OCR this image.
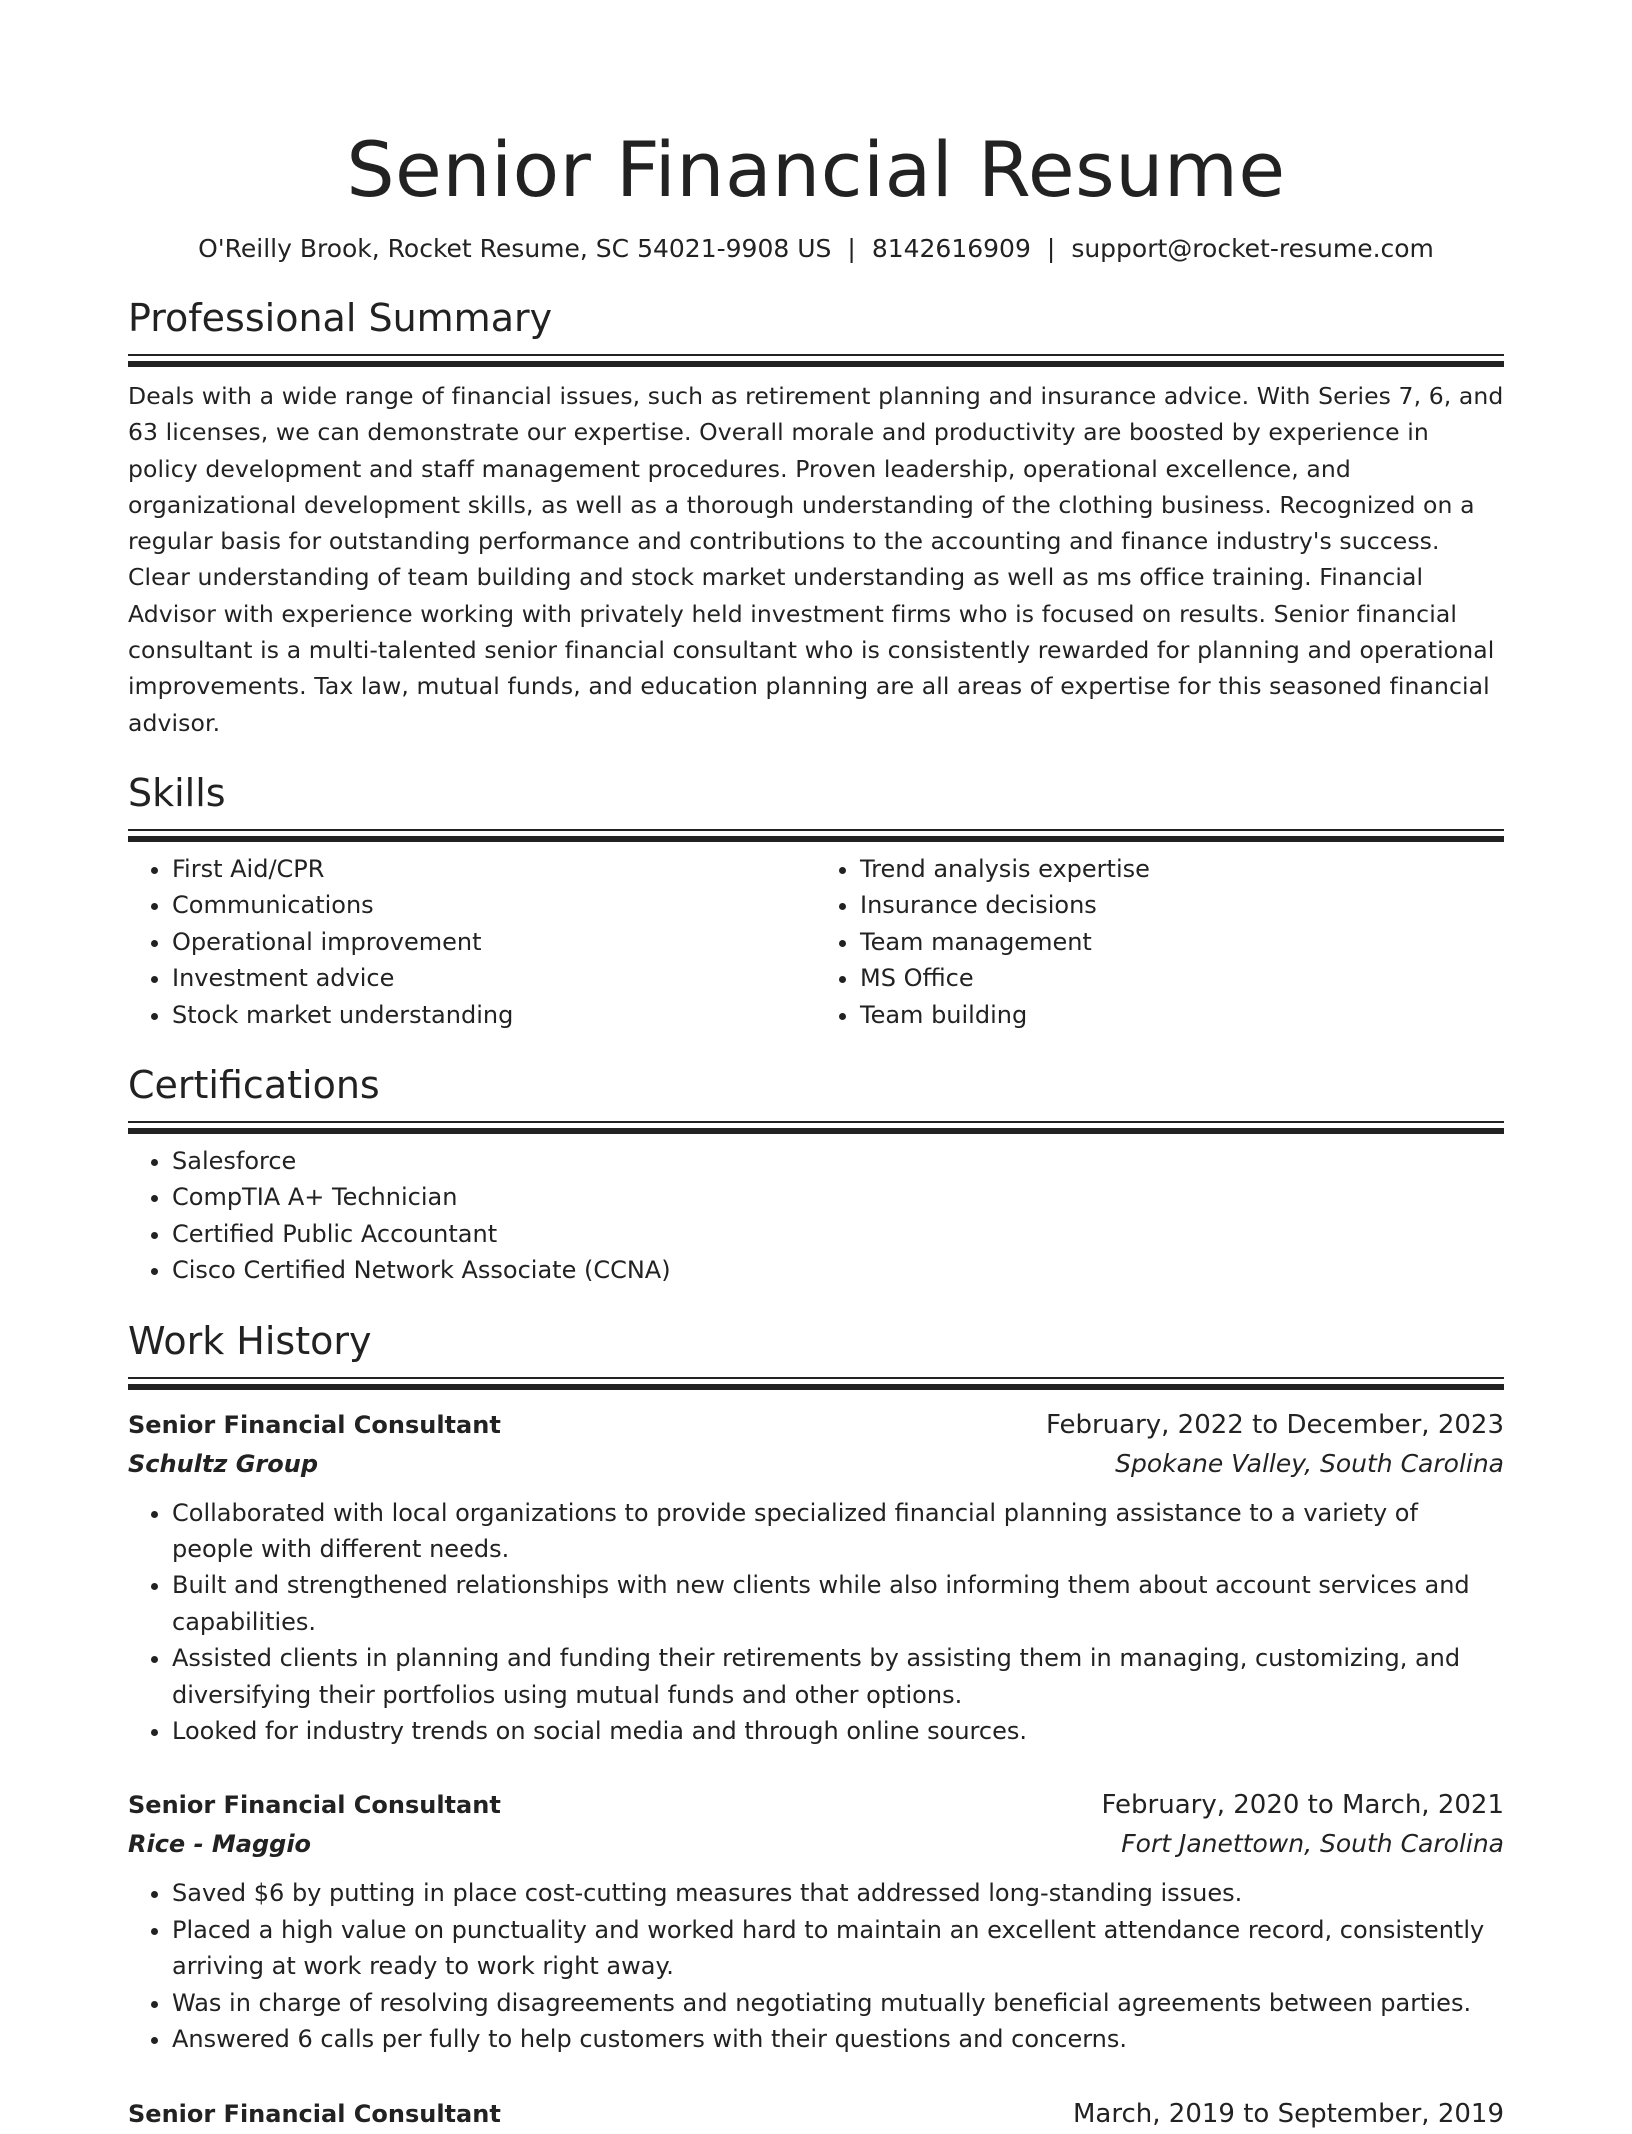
Senior Financial Resume
O'Reilly Brook, Rocket Resume, SC 54021-9908 US | 8142616909 | support@rocket-resume.com
Professional Summary
Deals with a wide range of financial issues, such as retirement planning and insurance advice. With Series 7, 6, and 63 licenses, we can demonstrate our expertise. Overall morale and productivity are boosted by experience in policy development and staff management procedures. Proven leadership, operational excellence, and organizational development skills, as well as a thorough understanding of the clothing business. Recognized on a regular basis for outstanding performance and contributions to the accounting and finance industry's success. Clear understanding of team building and stock market understanding as well as ms office training. Financial Advisor with experience working with privately held investment firms who is focused on results. Senior financial consultant is a multi-talented senior financial consultant who is consistently rewarded for planning and operational improvements. Tax law, mutual funds, and education planning are all areas of expertise for this seasoned financial advisor.
Skills
• First Aid/CPR
• Communications
• Operational improvement
• Investment advice
• Stock market understanding
• Trend analysis expertise
• Insurance decisions
• Team management
• MS Office
• Team building
Certifications
• Salesforce
• CompTIA A+ Technician
• Certified Public Accountant
• Cisco Certified Network Associate (CCNA)
Work History
Senior Financial Consultant	February, 2022 to December, 2023
Schultz Group	Spokane Valley, South Carolina
• Collaborated with local organizations to provide specialized financial planning assistance to a variety of people with different needs.
• Built and strengthened relationships with new clients while also informing them about account services and capabilities.
• Assisted clients in planning and funding their retirements by assisting them in managing, customizing, and diversifying their portfolios using mutual funds and other options.
• Looked for industry trends on social media and through online sources.
Senior Financial Consultant	February, 2020 to March, 2021
Rice - Maggio	Fort Janettown, South Carolina
• Saved $6 by putting in place cost-cutting measures that addressed long-standing issues.
• Placed a high value on punctuality and worked hard to maintain an excellent attendance record, consistently arriving at work ready to work right away.
• Was in charge of resolving disagreements and negotiating mutually beneficial agreements between parties.
• Answered 6 calls per fully to help customers with their questions and concerns.
Senior Financial Consultant	March, 2019 to September, 2019
